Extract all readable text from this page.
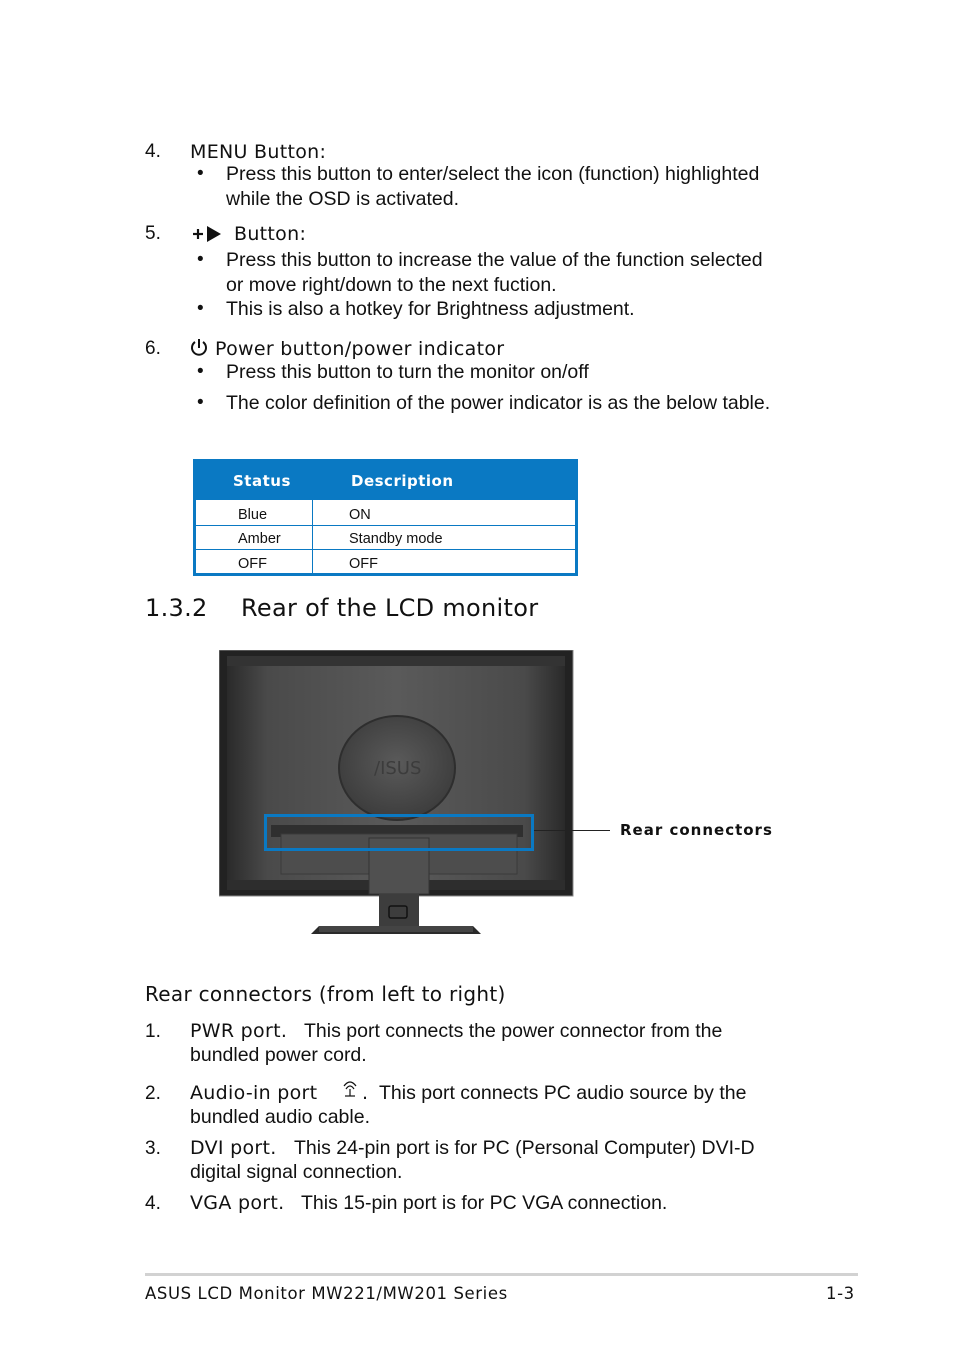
4. MENU Button:
• Press this button to enter/select the icon (function) highlighted
while the OSD is activated.
5.	Button:
• Press this button to increase the value of the function selected
or move right/down to the next fuction.
• This is also a hotkey for Brightness adjustment.
6.	Power button/power indicator
• Press this button to turn the monitor on/off
• The color definition of the power indicator is as the below table.
Status	Description
Blue	ON
Amber	Standby mode
OFF	OFF
1.3.2 Rear of the LCD monitor
/ISUS
Rear connectors
Rear connectors (from left to right)
1. PWR port. This port connects the power connector from the
bundled power cord.
2. Audio-in port . This port connects PC audio source by the
bundled audio cable.
3. DVI port. This 24-pin port is for PC (Personal Computer) DVI-D
digital signal connection.
4. VGA port. This 15-pin port is for PC VGA connection.
ASUS LCD Monitor MW221/MW201 Series	1-3
